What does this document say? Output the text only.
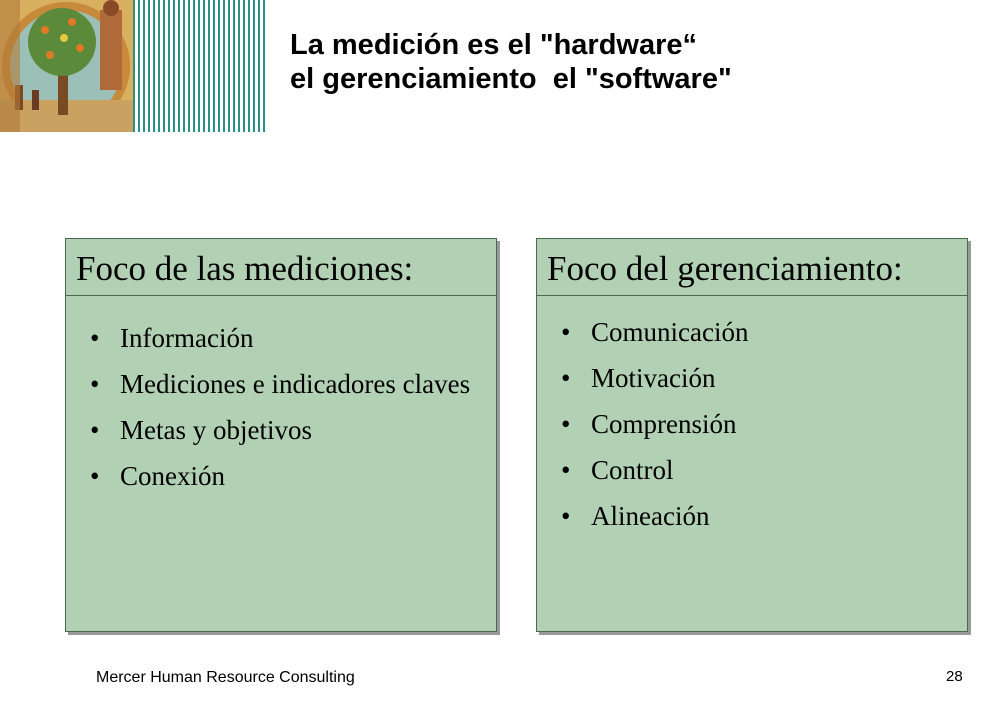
La medición es el "hardware“
el gerenciamiento  el "software"
Foco de las mediciones:
• Información
• Mediciones e indicadores claves
• Metas y objetivos
• Conexión
Foco del gerenciamiento:
• Comunicación
• Motivación
• Comprensión
• Control
• Alineación
Mercer Human Resource Consulting	28
